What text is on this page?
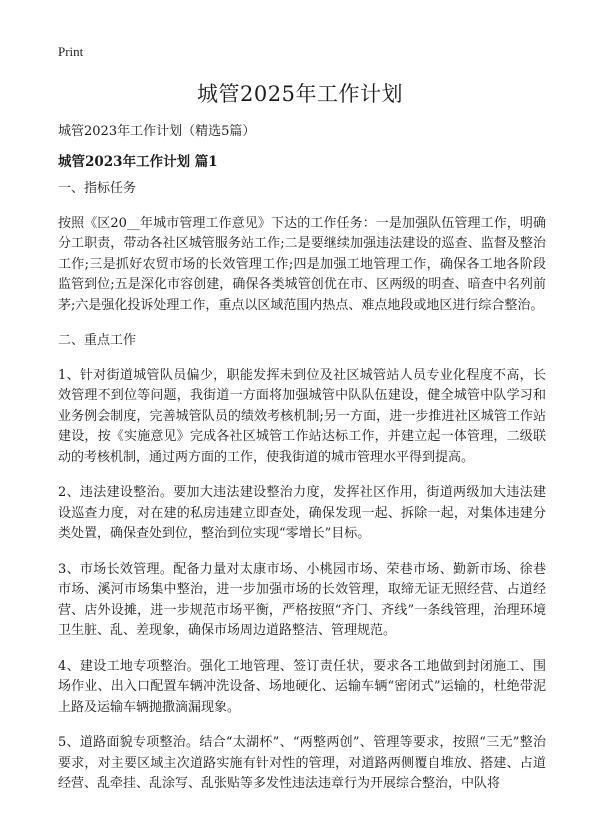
Print
城管2025年工作计划
城管2023年工作计划（精选5篇）
城管2023年工作计划 篇1

一、指标任务

按照《区20__年城市管理工作意见》下达的工作任务：一是加强队伍管理工作，明确分工职责，带动各社区城管服务站工作;二是要继续加强违法建设的巡查、监督及整治工作;三是抓好农贸市场的长效管理工作;四是加强工地管理工作，确保各工地各阶段监管到位;五是深化市容创建，确保各类城管创优在市、区两级的明查、暗查中名列前茅;六是强化投诉处理工作，重点以区域范围内热点、难点地段或地区进行综合整治。

二、重点工作

1、针对街道城管队员偏少，职能发挥未到位及社区城管站人员专业化程度不高，长效管理不到位等问题，我街道一方面将加强城管中队队伍建设，健全城管中队学习和业务例会制度，完善城管队员的绩效考核机制;另一方面，进一步推进社区城管工作站建设，按《实施意见》完成各社区城管工作站达标工作，并建立起一体管理，二级联动的考核机制，通过两方面的工作，使我街道的城市管理水平得到提高。

2、违法建设整治。要加大违法建设整治力度，发挥社区作用，街道两级加大违法建设巡查力度，对在建的私房违建立即查处，确保发现一起、拆除一起，对集体违建分类处置，确保查处到位，整治到位实现“零增长”目标。

3、市场长效管理。配备力量对太康市场、小桃园市场、荣巷市场、勤新市场、徐巷市场、溪河市场集中整治，进一步加强市场的长效管理，取缔无证无照经营、占道经营、店外设摊，进一步规范市场平衡，严格按照“齐门、齐线”一条线管理，治理环境卫生脏、乱、差现象，确保市场周边道路整洁、管理规范。

4、建设工地专项整治。强化工地管理、签订责任状，要求各工地做到封闭施工、围场作业、出入口配置车辆冲洗设备、场地硬化、运输车辆“密闭式”运输的，杜绝带泥上路及运输车辆抛撒滴漏现象。

5、道路面貌专项整治。结合“太湖杯”、“两整两创”、管理等要求，按照“三无”整治要求，对主要区域主次道路实施有针对性的管理，对道路两侧覆自堆放、搭建、占道经营、乱牵挂、乱涂写、乱张贴等多发性违法违章行为开展综合整治，中队将
